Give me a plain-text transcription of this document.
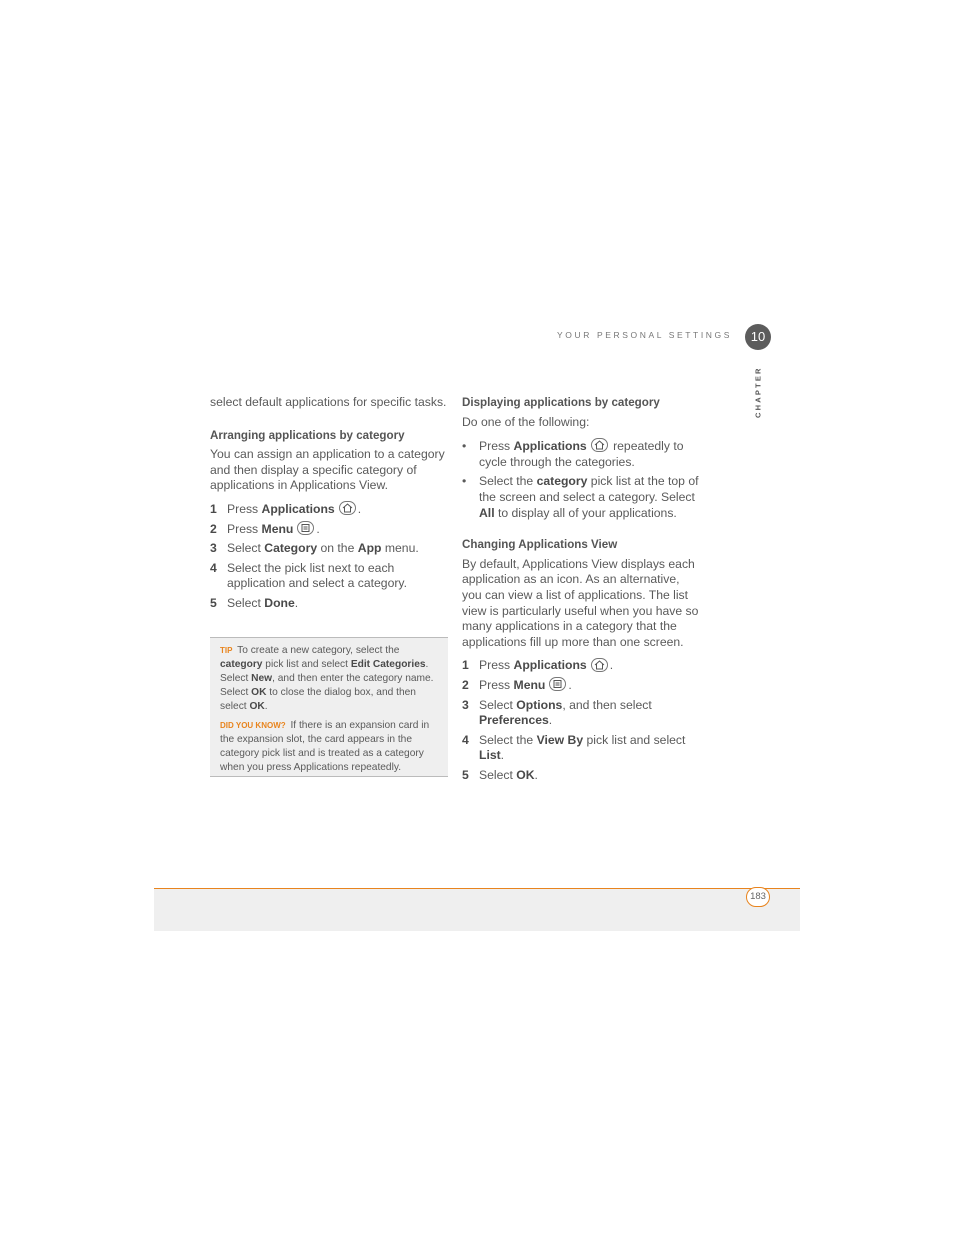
YOUR PERSONAL SETTINGS	10
CHAPTER

select default applications for specific tasks.

Arranging applications by category

You can assign an application to a category and then display a specific category of applications in Applications View.

1 Press Applications .
2 Press Menu .
3 Select Category on the App menu.
4 Select the pick list next to each application and select a category.
5 Select Done.

TIP To create a new category, select the category pick list and select Edit Categories. Select New, and then enter the category name. Select OK to close the dialog box, and then select OK.

DID YOU KNOW? If there is an expansion card in the expansion slot, the card appears in the category pick list and is treated as a category when you press Applications repeatedly.

Displaying applications by category

Do one of the following:

•	Press Applications
repeatedly to cycle through the categories.
•	Select the category pick list at the top of the screen and select a category. Select All to display all of your applications.

Changing Applications View

By default, Applications View displays each application as an icon. As an alternative, you can view a list of applications. The list view is particularly useful when you have so many applications in a category that the applications fill up more than one screen.

1 Press Applications .
2 Press Menu .
3 Select Options, and then select Preferences.
4 Select the View By pick list and select List.
5 Select OK.
183
